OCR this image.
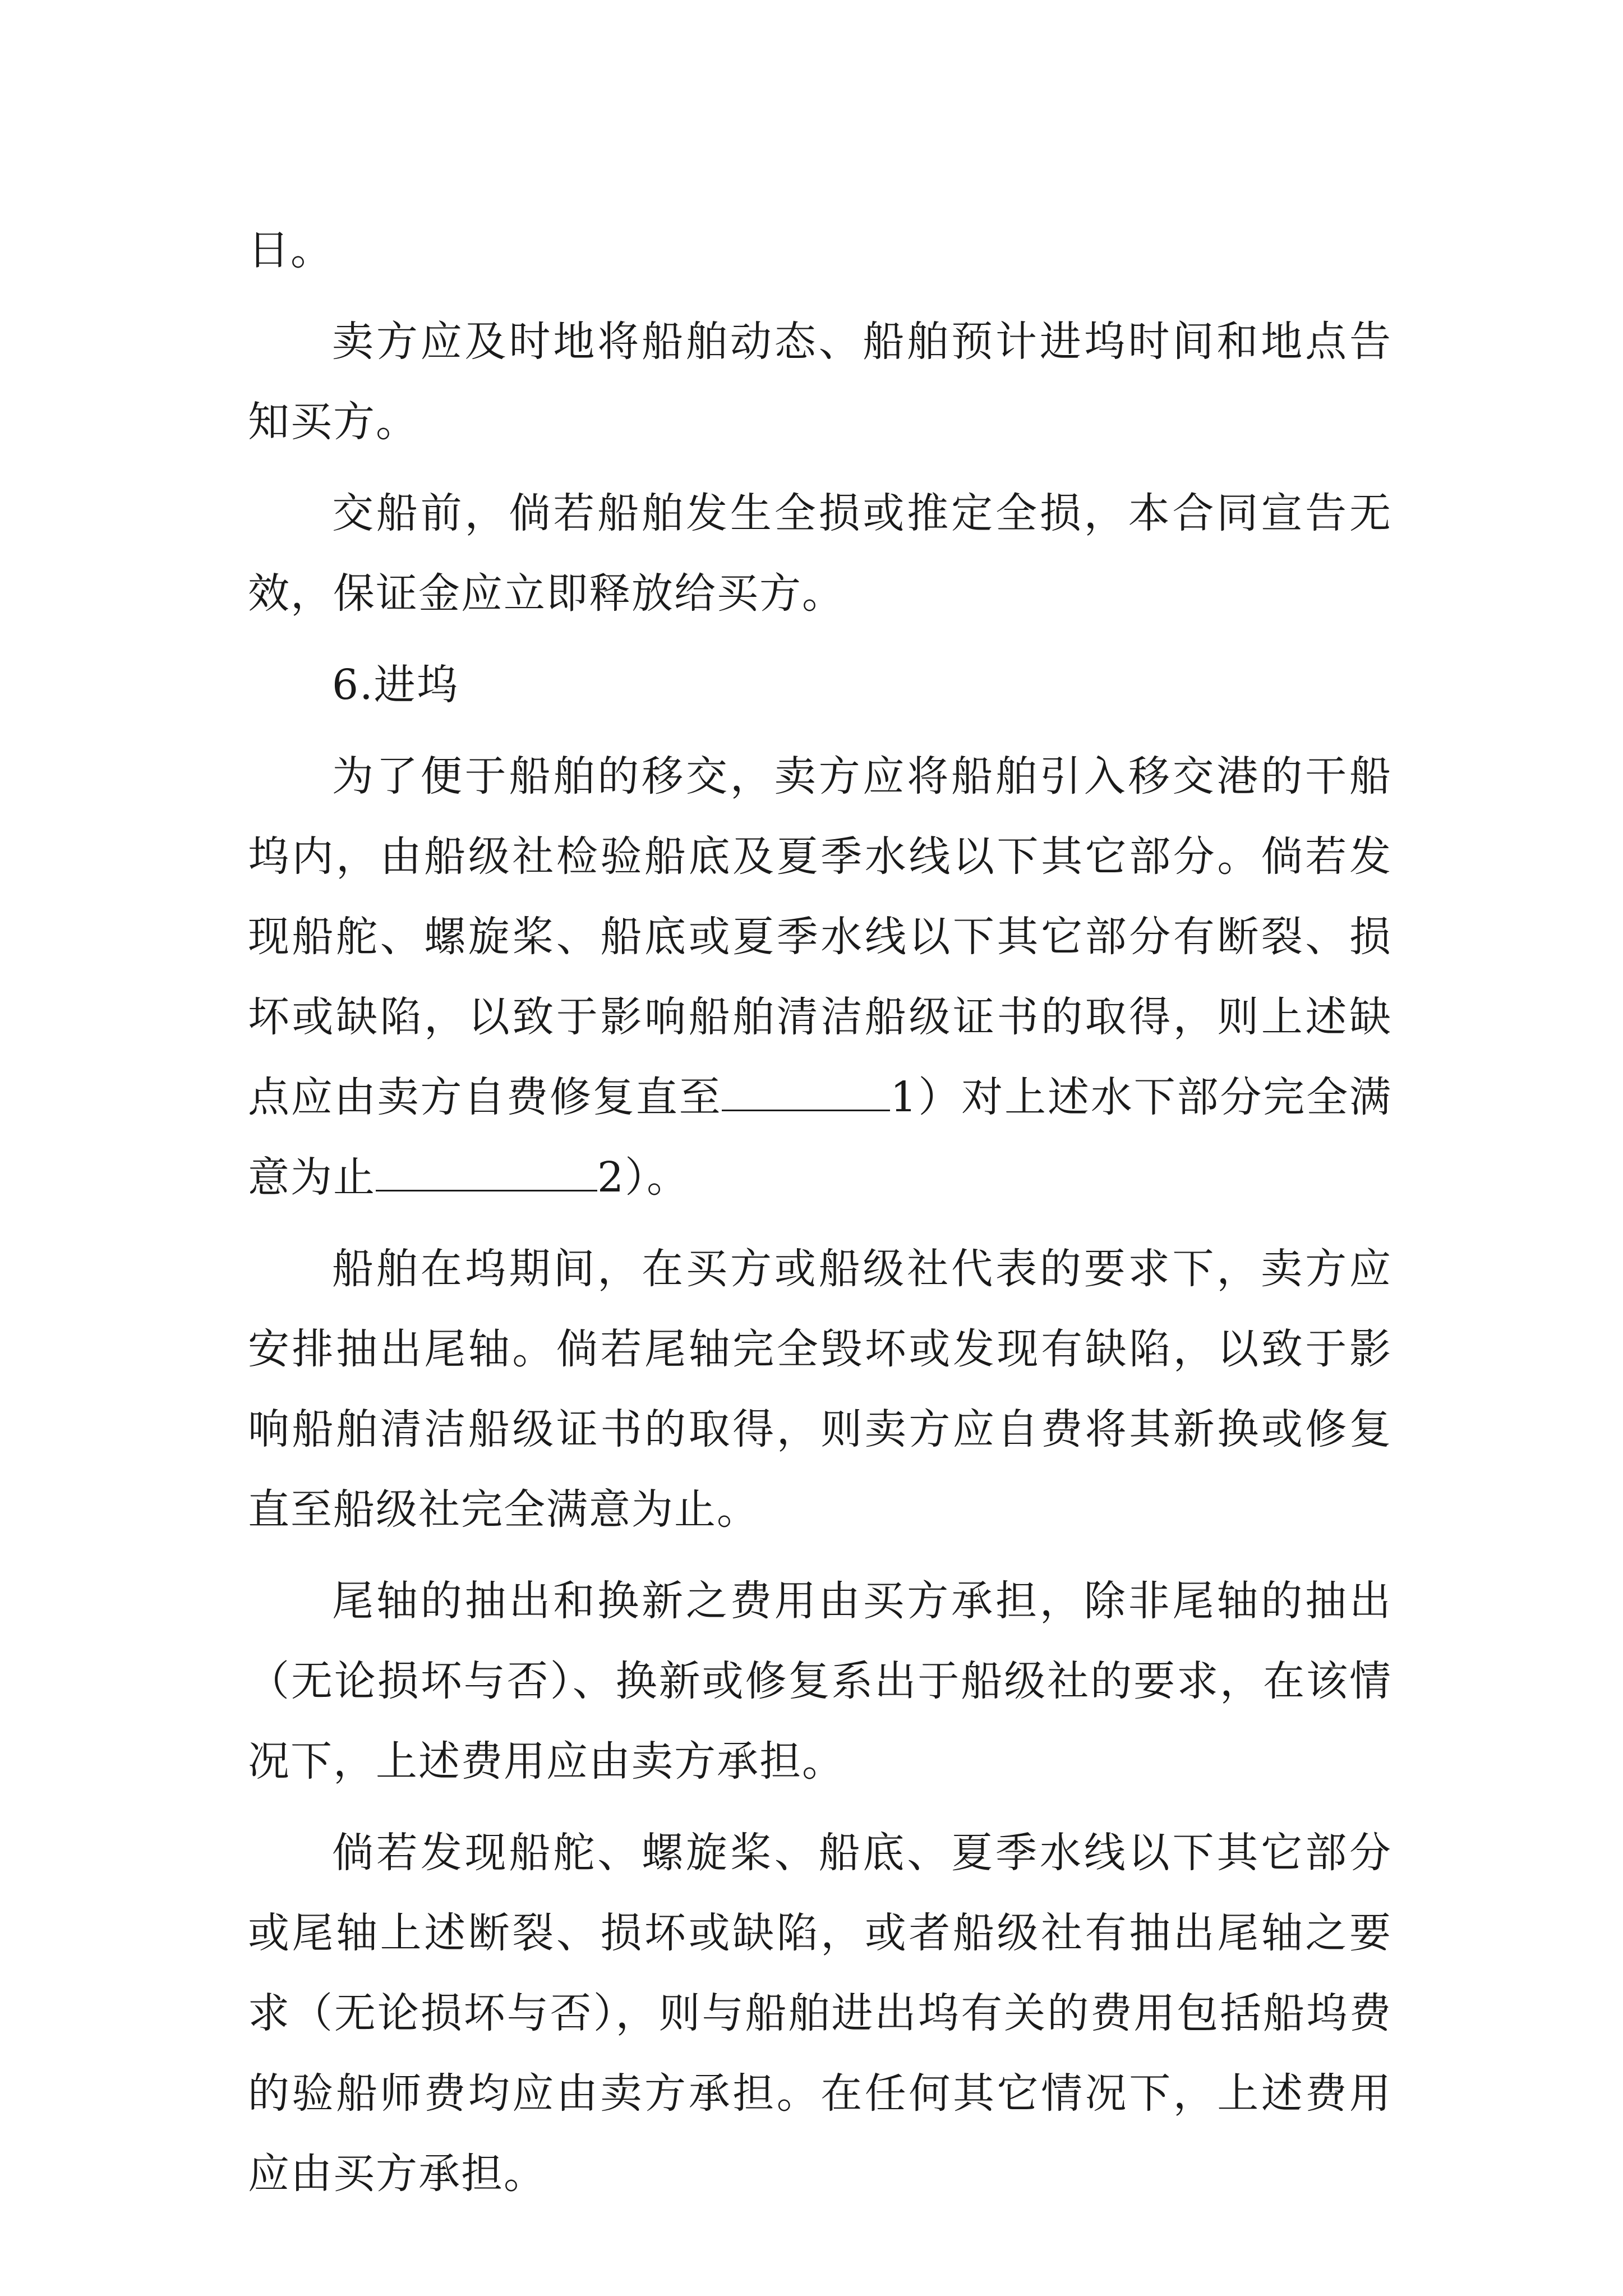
日。

卖方应及时地将船舶动态、船舶预计进坞时间和地点告知买方。

交船前，倘若船舶发生全损或推定全损，本合同宣告无效，保证金应立即释放给买方。

6.进坞

为了便于船舶的移交，卖方应将船舶引入移交港的干船坞内，由船级社检验船底及夏季水线以下其它部分。倘若发现船舵、螺旋桨、船底或夏季水线以下其它部分有断裂、损坏或缺陷，以致于影响船舶清洁船级证书的取得，则上述缺点应由卖方自费修复直至	1）对上述水下部分完全满意为止	2）。

船舶在坞期间，在买方或船级社代表的要求下，卖方应安排抽出尾轴。倘若尾轴完全毁坏或发现有缺陷，以致于影响船舶清洁船级证书的取得，则卖方应自费将其新换或修复直至船级社完全满意为止。

尾轴的抽出和换新之费用由买方承担，除非尾轴的抽出（无论损坏与否）、换新或修复系出于船级社的要求，在该情况下，上述费用应由卖方承担。

倘若发现船舵、螺旋桨、船底、夏季水线以下其它部分或尾轴上述断裂、损坏或缺陷，或者船级社有抽出尾轴之要求（无论损坏与否），则与船舶进出坞有关的费用包括船坞费的验船师费均应由卖方承担。在任何其它情况下，上述费用应由买方承担。
